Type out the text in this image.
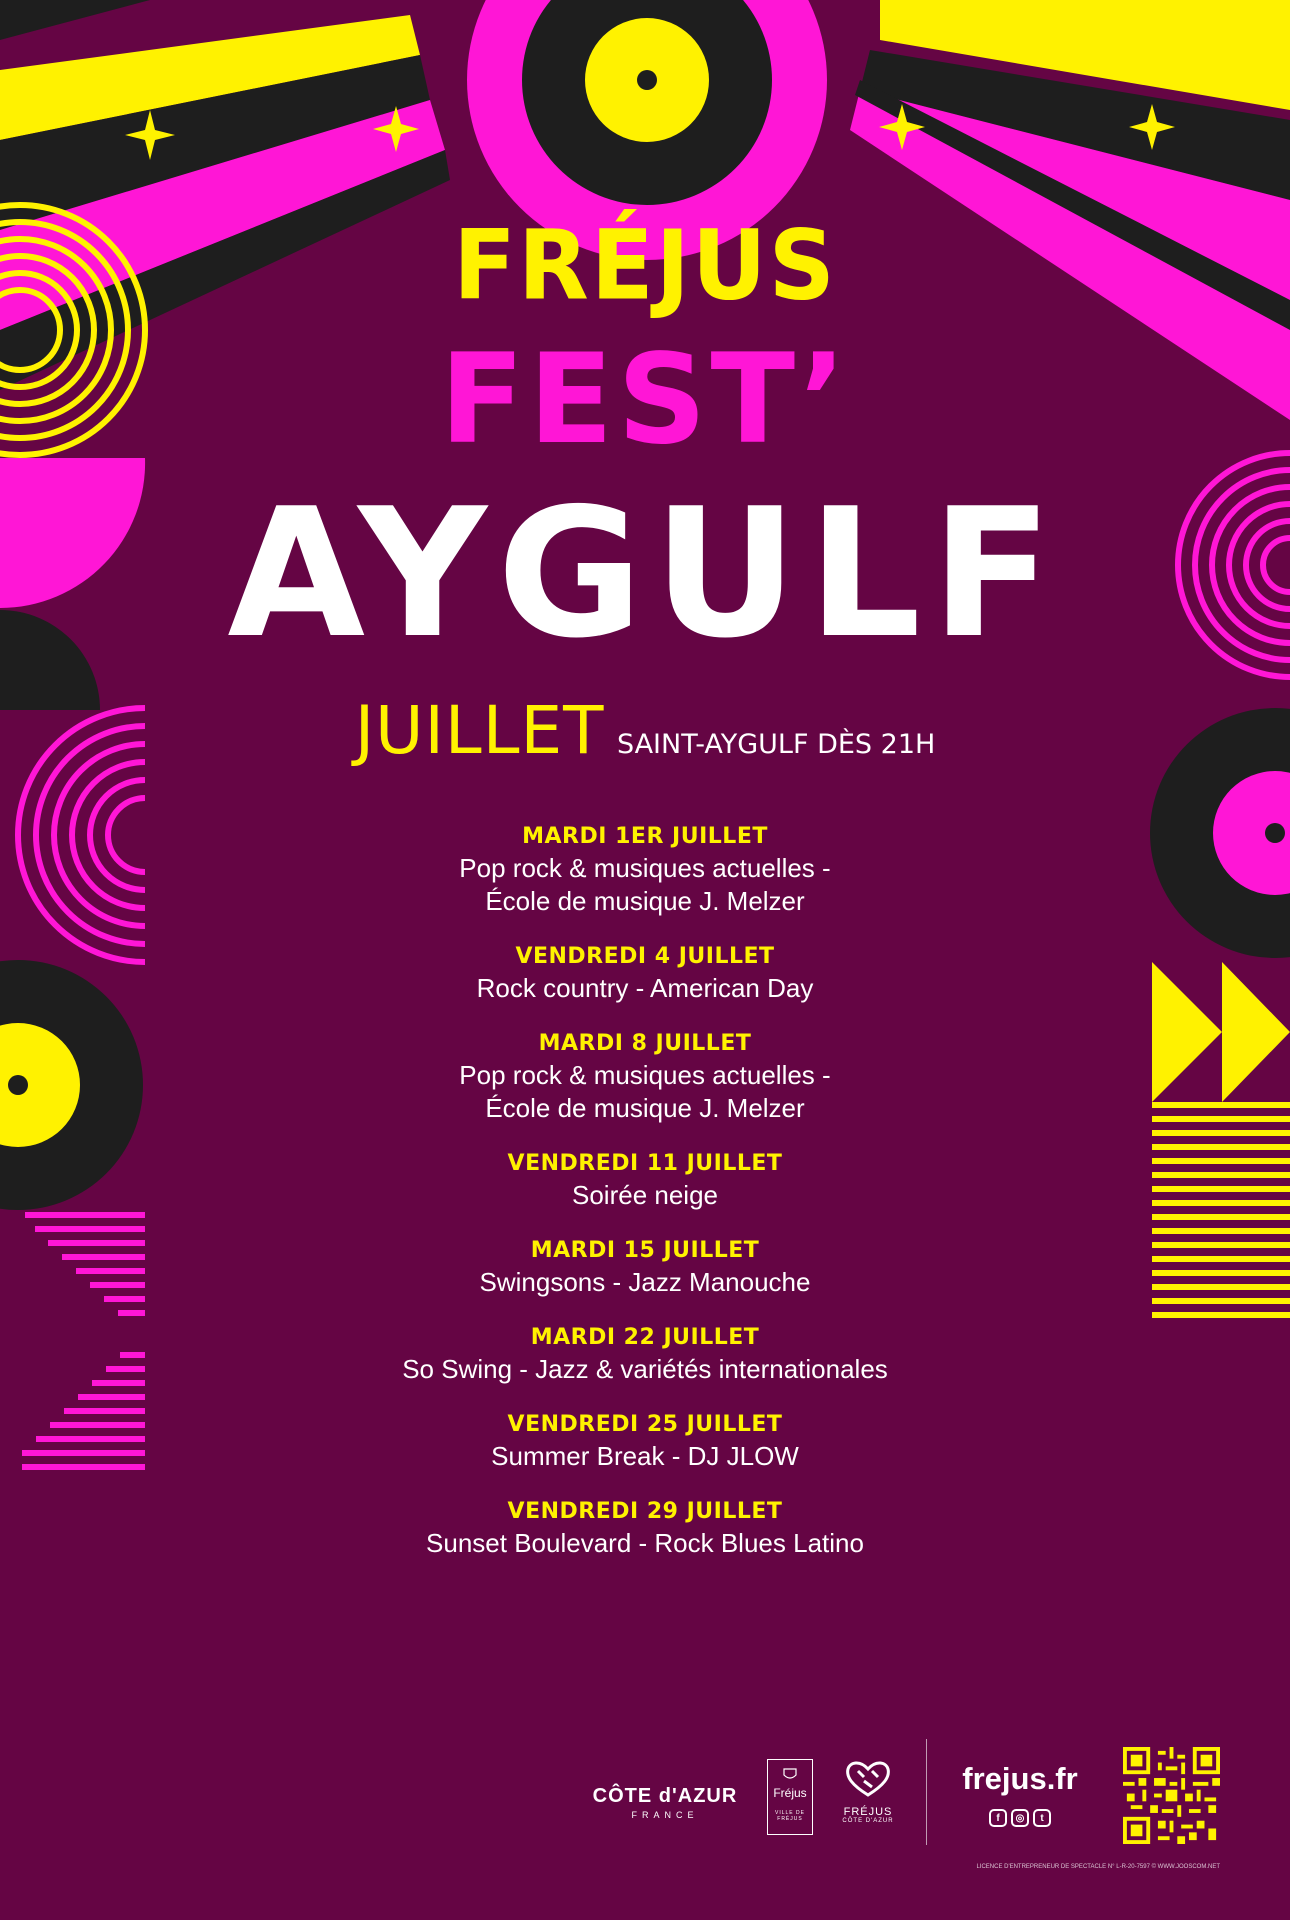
FRÉJUS
FEST’
AYGULF
JUILLET SAINT-AYGULF DÈS 21H
MARDI 1ER JUILLET
Pop rock & musiques actuelles -
École de musique J. Melzer
VENDREDI 4 JUILLET
Rock country - American Day
MARDI 8 JUILLET
Pop rock & musiques actuelles -
École de musique J. Melzer
VENDREDI 11 JUILLET
Soirée neige
MARDI 15 JUILLET
Swingsons - Jazz Manouche
MARDI 22 JUILLET
So Swing - Jazz & variétés internationales
VENDREDI 25 JUILLET
Summer Break - DJ JLOW
VENDREDI 29 JUILLET
Sunset Boulevard - Rock Blues Latino
CÔTE d'AZUR
FRANCE
Fréjus
VILLE DE FRÉJUS
FRÉJUS
CÔTE D'AZUR
frejus.fr
f	◎	t
LICENCE D'ENTREPRENEUR DE SPECTACLE N° L-R-20-7597 © WWW.JOOSCOM.NET
